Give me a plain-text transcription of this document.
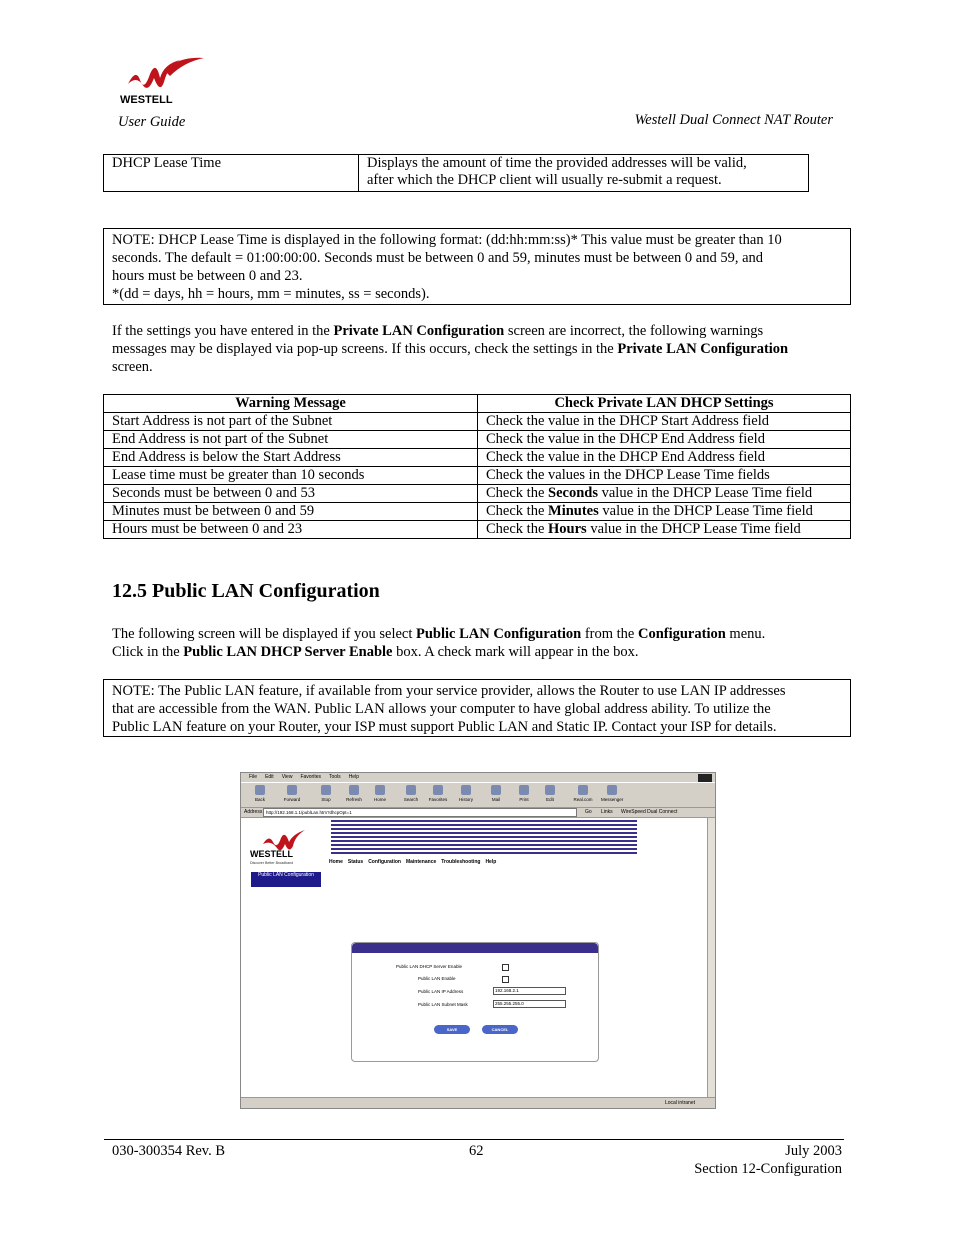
WESTELL
User Guide	Westell Dual Connect NAT Router
DHCP Lease Time	Displays the amount of time the provided addresses will be valid,
after which the DHCP client will usually re-submit a request.
NOTE: DHCP Lease Time is displayed in the following format: (dd:hh:mm:ss)* This value must be greater than 10
seconds. The default = 01:00:00:00. Seconds must be between 0 and 59, minutes must be between 0 and 59, and
hours must be between 0 and 23.
*(dd = days, hh = hours, mm = minutes, ss = seconds).
If the settings you have entered in the Private LAN Configuration screen are incorrect, the following warnings
messages may be displayed via pop-up screens. If this occurs, check the settings in the Private LAN Configuration
screen.
Warning Message	Check Private LAN DHCP Settings
Start Address is not part of the Subnet	Check the value in the DHCP Start Address field
End Address is not part of the Subnet	Check the value in the DHCP End Address field
End Address is below the Start Address	Check the value in the DHCP End Address field
Lease time must be greater than 10 seconds	Check the values in the DHCP Lease Time fields
Seconds must be between 0 and 53	Check the Seconds value in the DHCP Lease Time field
Minutes must be between 0 and 59	Check the Minutes value in the DHCP Lease Time field
Hours must be between 0 and 23	Check the Hours value in the DHCP Lease Time field
12.5 Public LAN Configuration
The following screen will be displayed if you select Public LAN Configuration from the Configuration menu.
Click in the Public LAN DHCP Server Enable box. A check mark will appear in the box.
NOTE: The Public LAN feature, if available from your service provider, allows the Router to use LAN IP addresses
that are accessible from the WAN. Public LAN allows your computer to have global address ability. To utilize the
Public LAN feature on your Router, your ISP must support Public LAN and Static IP. Contact your ISP for details.
File Edit View Favorites Tools Help
Back	Forward	Stop	Refresh	Home	Search	Favorites	History	Mail	Print	Edit	Real.com	Messenger
Address http://192.168.1.1/publLan.htm?dhcpOpt=1	Go Links WireSpeed Dual Connect
WESTELL
Discover Better Broadband	Home Status Configuration Maintenance Troubleshooting Help
Public LAN Configuration
Public LAN DHCP Server Enable
Public LAN Enable
Public LAN IP Address	192.168.2.1
Public LAN Subnet Mask	255.255.255.0
SAVE	CANCEL
Local intranet
030-300354 Rev. B	62	July 2003
Section 12-Configuration
